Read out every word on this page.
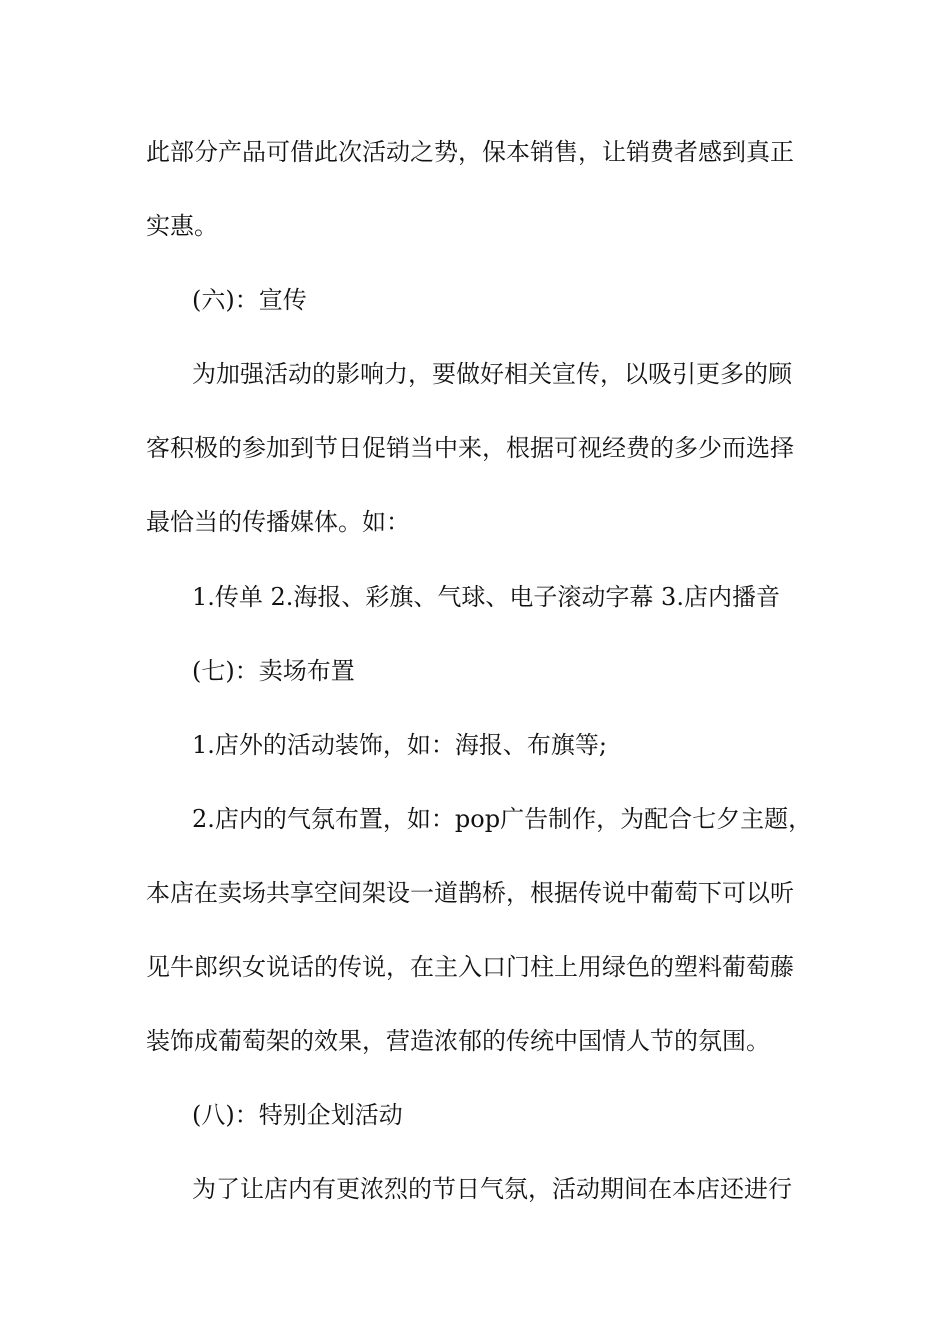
此部分产品可借此次活动之势，保本销售，让销费者感到真正
实惠。
(六)：宣传
为加强活动的影响力，要做好相关宣传，以吸引更多的顾
客积极的参加到节日促销当中来，根据可视经费的多少而选择
最恰当的传播媒体。如：
1.传单 2.海报、彩旗、气球、电子滚动字幕 3.店内播音
(七)：卖场布置
1.店外的活动装饰，如：海报、布旗等;
2.店内的气氛布置，如：pop广告制作，为配合七夕主题，
本店在卖场共享空间架设一道鹊桥，根据传说中葡萄下可以听
见牛郎织女说话的传说，在主入口门柱上用绿色的塑料葡萄藤
装饰成葡萄架的效果，营造浓郁的传统中国情人节的氛围。
(八)：特别企划活动
为了让店内有更浓烈的节日气氛，活动期间在本店还进行
